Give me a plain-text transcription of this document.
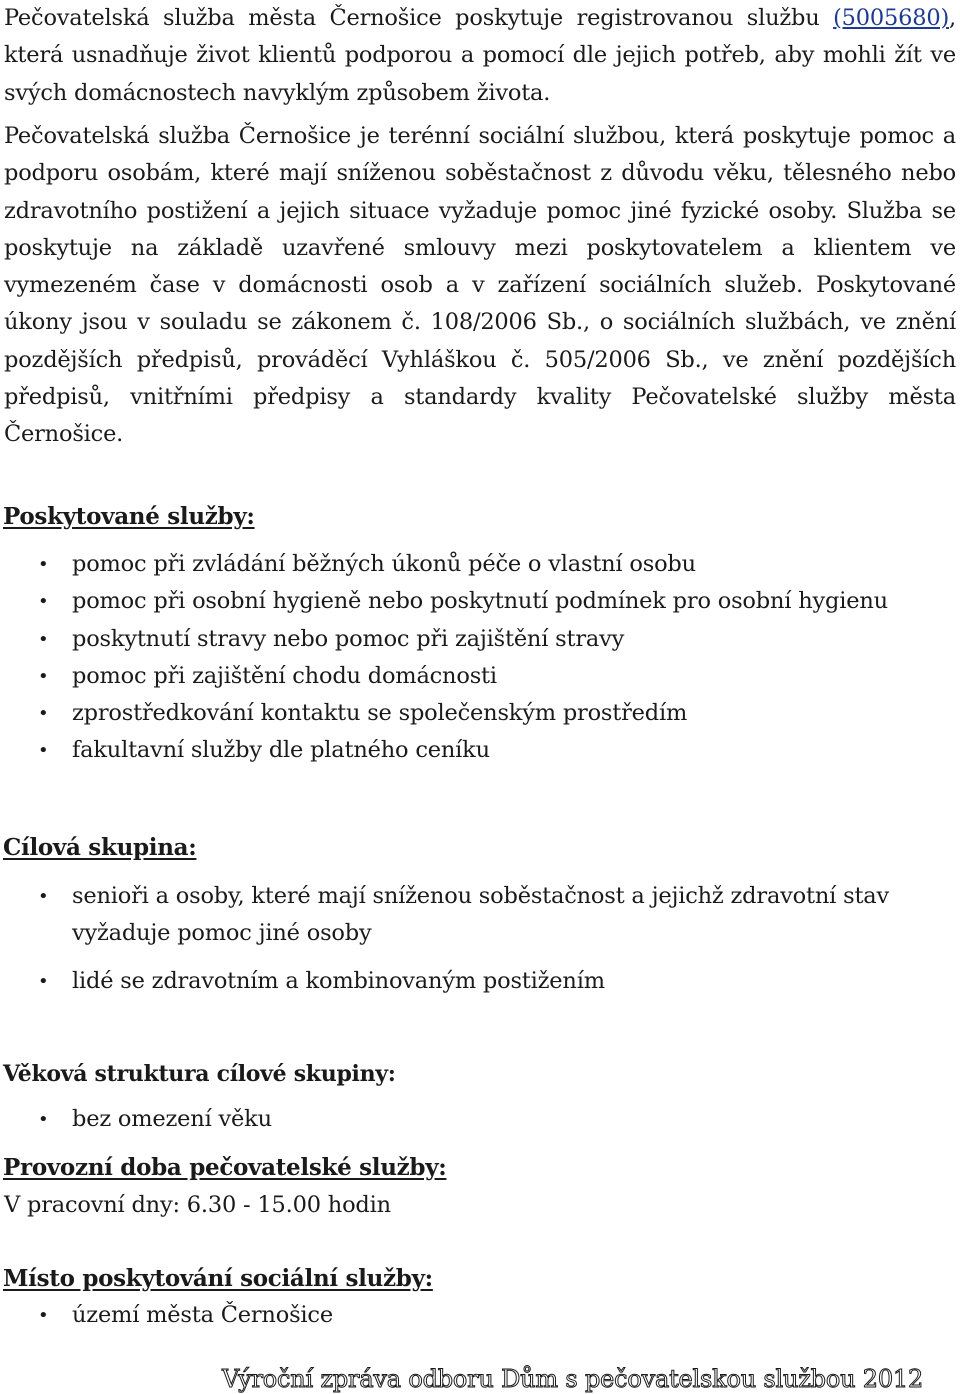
Pečovatelská služba města Černošice poskytuje registrovanou službu (5005680), která usnadňuje život klientů podporou a pomocí dle jejich potřeb, aby mohli žít ve svých domácnostech navyklým způsobem života.

Pečovatelská služba Černošice je terénní sociální službou, která poskytuje pomoc a podporu osobám, které mají sníženou soběstačnost z důvodu věku, tělesného nebo zdravotního postižení a jejich situace vyžaduje pomoc jiné fyzické osoby. Služba se poskytuje na základě uzavřené smlouvy mezi poskytovatelem a klientem ve vymezeném čase v domácnosti osob a v zařízení sociálních služeb. Poskytované úkony jsou v souladu se zákonem č. 108/2006 Sb., o sociálních službách, ve znění pozdějších předpisů, prováděcí Vyhláškou č. 505/2006 Sb., ve znění pozdějších předpisů, vnitřními předpisy a standardy kvality Pečovatelské služby města Černošice.

Poskytované služby:
• pomoc při zvládání běžných úkonů péče o vlastní osobu
• pomoc při osobní hygieně nebo poskytnutí podmínek pro osobní hygienu
• poskytnutí stravy nebo pomoc při zajištění stravy
• pomoc při zajištění chodu domácnosti
• zprostředkování kontaktu se společenským prostředím
• fakultavní služby dle platného ceníku
Cílová skupina:
• senioři a osoby, které mají sníženou soběstačnost a jejichž zdravotní stav vyžaduje pomoc jiné osoby
• lidé se zdravotním a kombinovaným postižením
Věková struktura cílové skupiny:
• bez omezení věku
Provozní doba pečovatelské služby:

V pracovní dny: 6.30 - 15.00 hodin

Místo poskytování sociální služby:
• území města Černošice

Výroční zpráva odboru Dům s pečovatelskou službou 2012
